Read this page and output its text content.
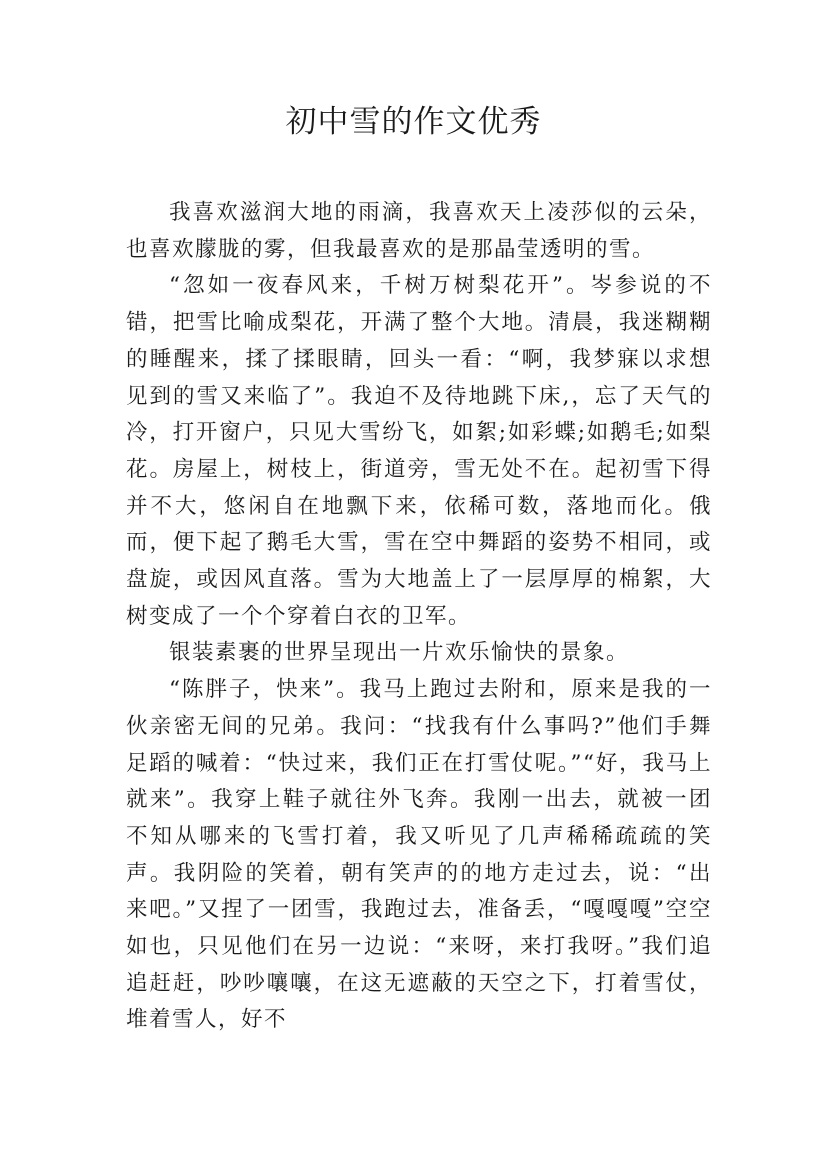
初中雪的作文优秀

我喜欢滋润大地的雨滴，我喜欢天上凌莎似的云朵，也喜欢朦胧的雾，但我最喜欢的是那晶莹透明的雪。

“忽如一夜春风来，千树万树梨花开”。岑参说的不错，把雪比喻成梨花，开满了整个大地。清晨，我迷糊糊的睡醒来，揉了揉眼睛，回头一看：“啊，我梦寐以求想见到的雪又来临了”。我迫不及待地跳下床,，忘了天气的冷，打开窗户，只见大雪纷飞，如絮;如彩蝶;如鹅毛;如梨花。房屋上，树枝上，街道旁，雪无处不在。起初雪下得并不大，悠闲自在地飘下来，依稀可数，落地而化。俄而，便下起了鹅毛大雪，雪在空中舞蹈的姿势不相同，或盘旋，或因风直落。雪为大地盖上了一层厚厚的棉絮，大树变成了一个个穿着白衣的卫军。

银装素裹的世界呈现出一片欢乐愉快的景象。

“陈胖子，快来”。我马上跑过去附和，原来是我的一伙亲密无间的兄弟。我问：“找我有什么事吗?”他们手舞足蹈的喊着：“快过来，我们正在打雪仗呢。”“好，我马上就来”。我穿上鞋子就往外飞奔。我刚一出去，就被一团不知从哪来的飞雪打着，我又听见了几声稀稀疏疏的笑声。我阴险的笑着，朝有笑声的的地方走过去，说：“出来吧。”又捏了一团雪，我跑过去，准备丢，“嘎嘎嘎”空空如也，只见他们在另一边说：“来呀，来打我呀。”我们追追赶赶，吵吵嚷嚷，在这无遮蔽的天空之下，打着雪仗，堆着雪人，好不
